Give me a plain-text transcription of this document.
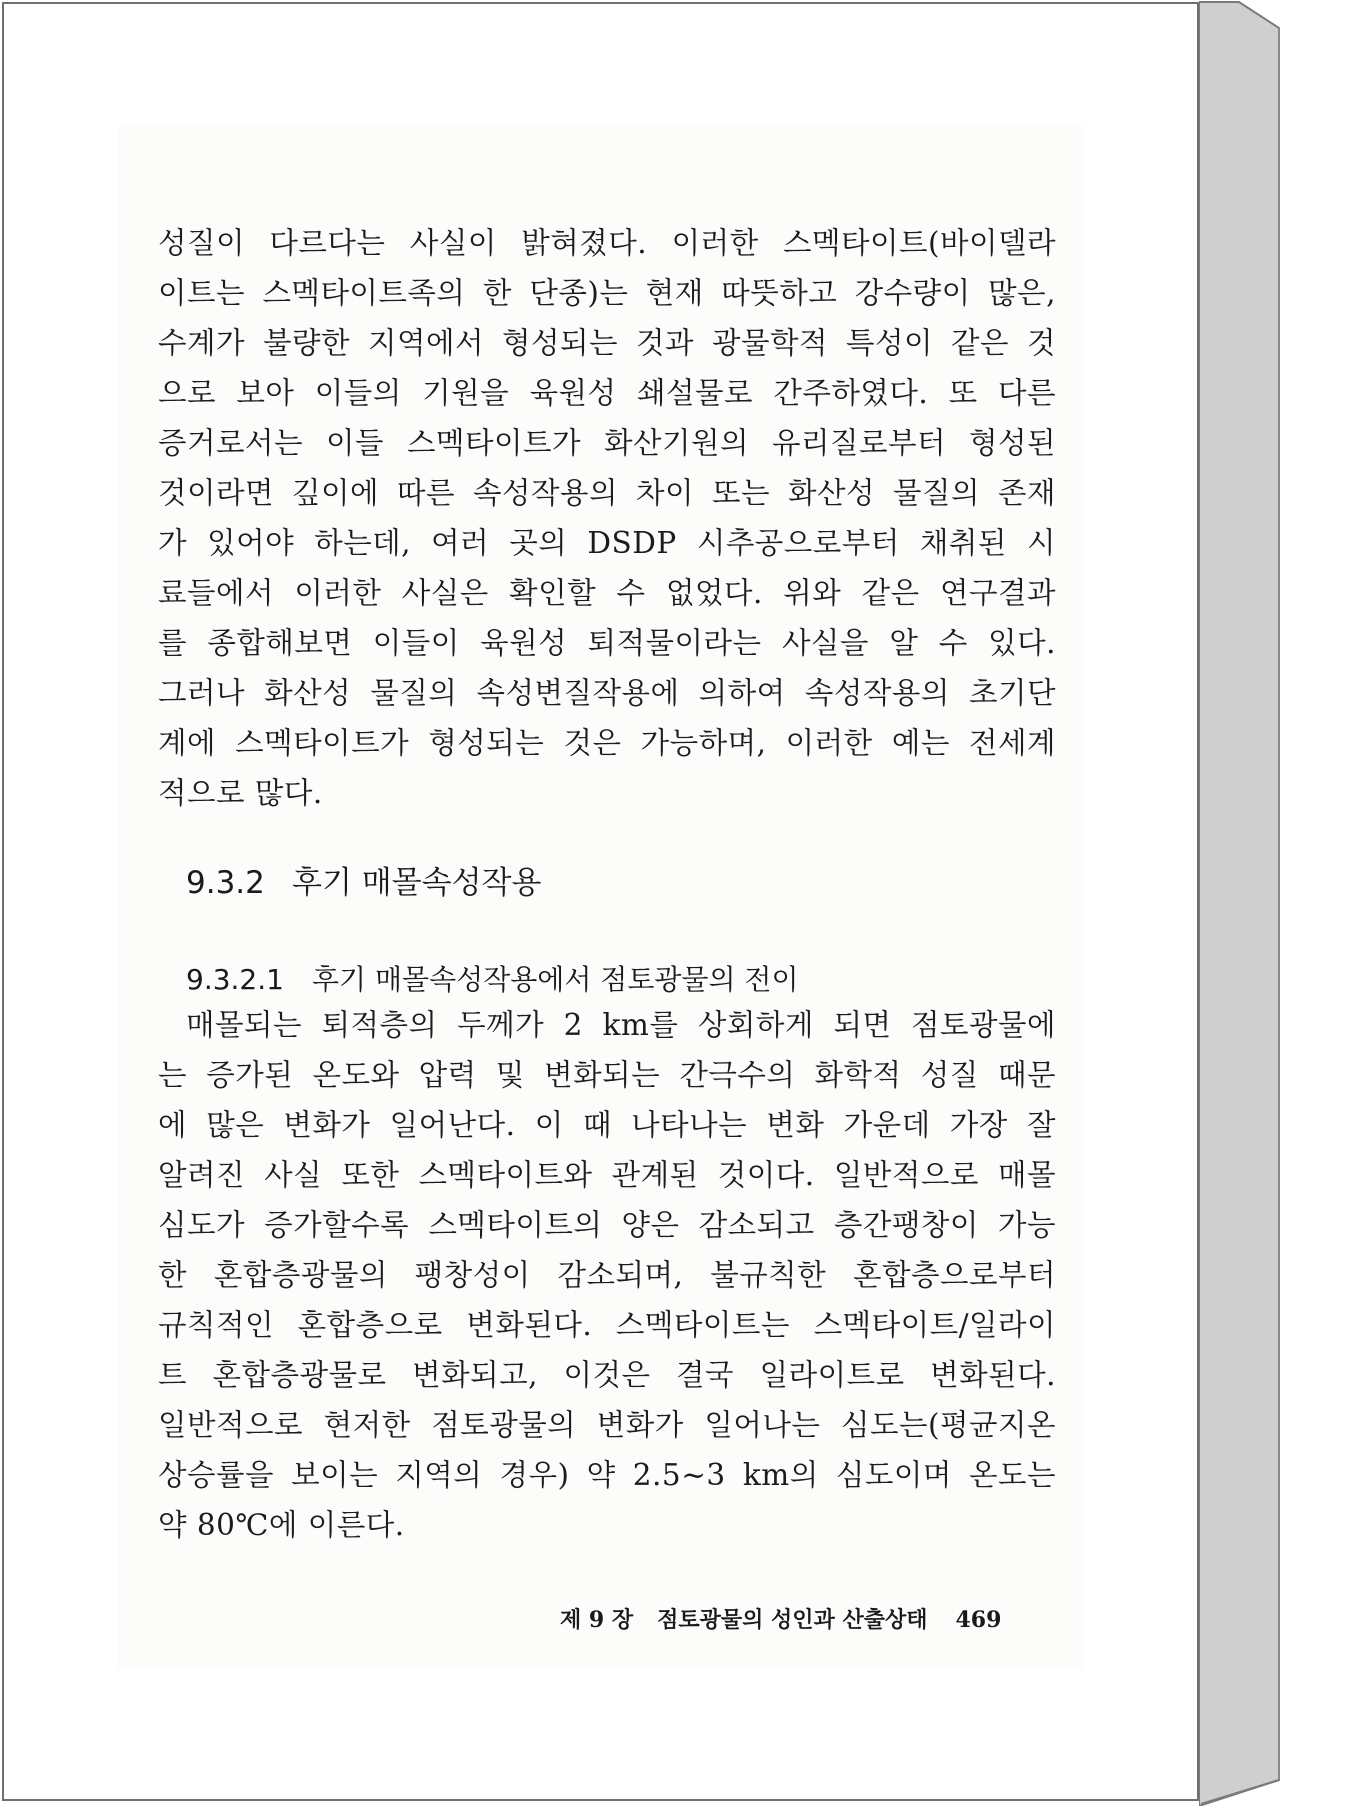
성질이 다르다는 사실이 밝혀졌다. 이러한 스멕타이트(바이델라
이트는 스멕타이트족의 한 단종)는 현재 따뜻하고 강수량이 많은,
수계가 불량한 지역에서 형성되는 것과 광물학적 특성이 같은 것
으로 보아 이들의 기원을 육원성 쇄설물로 간주하였다. 또 다른
증거로서는 이들 스멕타이트가 화산기원의 유리질로부터 형성된
것이라면 깊이에 따른 속성작용의 차이 또는 화산성 물질의 존재
가 있어야 하는데, 여러 곳의 DSDP 시추공으로부터 채취된 시
료들에서 이러한 사실은 확인할 수 없었다. 위와 같은 연구결과
를 종합해보면 이들이 육원성 퇴적물이라는 사실을 알 수 있다.
그러나 화산성 물질의 속성변질작용에 의하여 속성작용의 초기단
계에 스멕타이트가 형성되는 것은 가능하며, 이러한 예는 전세계
적으로 많다.
9.3.2 후기 매몰속성작용
9.3.2.1 후기 매몰속성작용에서 점토광물의 전이
매몰되는 퇴적층의 두께가 2 km를 상회하게 되면 점토광물에
는 증가된 온도와 압력 및 변화되는 간극수의 화학적 성질 때문
에 많은 변화가 일어난다. 이 때 나타나는 변화 가운데 가장 잘
알려진 사실 또한 스멕타이트와 관계된 것이다. 일반적으로 매몰
심도가 증가할수록 스멕타이트의 양은 감소되고 층간팽창이 가능
한 혼합층광물의 팽창성이 감소되며, 불규칙한 혼합층으로부터
규칙적인 혼합층으로 변화된다. 스멕타이트는 스멕타이트/일라이
트 혼합층광물로 변화되고, 이것은 결국 일라이트로 변화된다.
일반적으로 현저한 점토광물의 변화가 일어나는 심도는(평균지온
상승률을 보이는 지역의 경우) 약 2.5∼3 km의 심도이며 온도는
약 80℃에 이른다.
제 9 장 점토광물의 성인과 산출상태 469
